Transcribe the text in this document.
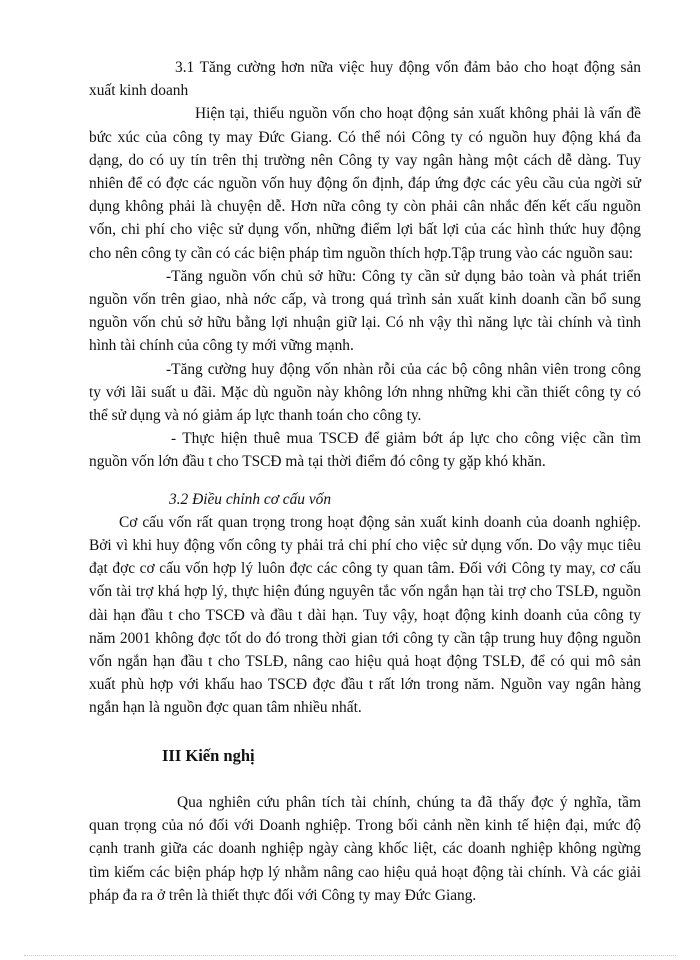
3.1 Tăng cường hơn nữa việc huy động vốn đảm bảo cho hoạt động sản xuất kinh doanh

Hiện tại, thiếu nguồn vốn cho hoạt động sản xuất không phải là vấn đề bức xúc của công ty may Đức Giang. Có thể nói Công ty có nguồn huy động khá đa dạng, do có uy tín trên thị trường nên Công ty vay ngân hàng một cách dễ dàng. Tuy nhiên để có đợc các nguồn vốn huy động ổn định, đáp ứng đợc các yêu cầu của ngời sử dụng không phải là chuyện dễ. Hơn nữa công ty còn phải cân nhắc đến kết cấu nguồn vốn, chi phí cho việc sử dụng vốn, những điểm lợi bất lợi của các hình thức huy động cho nên công ty cần có các biện pháp tìm nguồn thích hợp.Tập trung vào các nguồn sau:

-Tăng nguồn vốn chủ sở hữu: Công ty cần sử dụng bảo toàn và phát triển nguồn vốn trên giao, nhà nớc cấp, và trong quá trình sản xuất kinh doanh cần bổ sung nguồn vốn chủ sở hữu bằng lợi nhuận giữ lại. Có nh vậy thì năng lực tài chính và tình hình tài chính của công ty mới vững mạnh.

-Tăng cường huy động vốn nhàn rỗi của các bộ công nhân viên trong công ty với lãi suất u đãi. Mặc dù nguồn này không lớn nhng những khi cần thiết công ty có thể sử dụng và nó giảm áp lực thanh toán cho công ty.

- Thực hiện thuê mua TSCĐ để giảm bớt áp lực cho công việc cần tìm nguồn vốn lớn đầu t cho TSCĐ mà tại thời điểm đó công ty gặp khó khăn.

3.2 Điều chỉnh cơ cấu vốn

Cơ cấu vốn rất quan trọng trong hoạt động sản xuất kinh doanh của doanh nghiệp. Bởi vì khi huy động vốn công ty phải trả chi phí cho việc sử dụng vốn. Do vậy mục tiêu đạt đợc cơ cấu vốn hợp lý luôn đợc các công ty quan tâm. Đối với Công ty may, cơ cấu vốn tài trợ khá hợp lý, thực hiện đúng nguyên tắc vốn ngắn hạn tài trợ cho TSLĐ, nguồn dài hạn đầu t cho TSCĐ và đầu t dài hạn. Tuy vậy, hoạt động kinh doanh của công ty năm 2001 không đợc tốt do đó trong thời gian tới công ty cần tập trung huy động nguồn vốn ngắn hạn đầu t cho TSLĐ, nâng cao hiệu quả hoạt động TSLĐ, để có qui mô sản xuất phù hợp với khấu hao TSCĐ đợc đầu t rất lớn trong năm. Nguồn vay ngân hàng ngắn hạn là nguồn đợc quan tâm nhiều nhất.

III Kiến nghị

Qua nghiên cứu phân tích tài chính, chúng ta đã thấy đợc ý nghĩa, tầm quan trọng của nó đối với Doanh nghiệp. Trong bối cảnh nền kinh tế hiện đại, mức độ cạnh tranh giữa các doanh nghiệp ngày càng khốc liệt, các doanh nghiệp không ngừng tìm kiếm các biện pháp hợp lý nhằm nâng cao hiệu quả hoạt động tài chính. Và các giải pháp đa ra ở trên là thiết thực đối với Công ty may Đức Giang.
